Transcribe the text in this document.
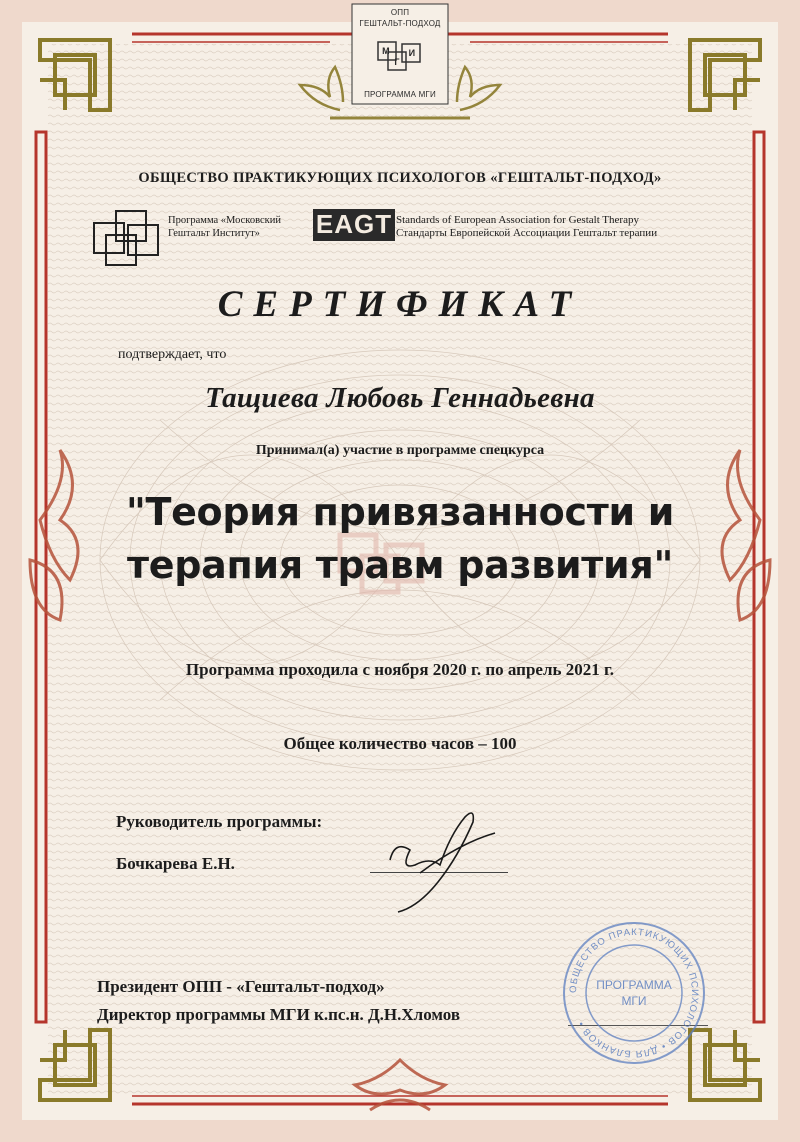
ОПП
ГЕШТАЛЬТ-ПОДХОД
М
Г
И
ПРОГРАММА МГИ
ОБЩЕСТВО ПРАКТИКУЮЩИХ ПСИХОЛОГОВ «ГЕШТАЛЬТ-ПОДХОД»
Программа «Московский
Гештальт Институт»	EAGT Standards of European Association for Gestalt Therapy
Стандарты Европейской Ассоциации Гештальт терапии
СЕРТИФИКАТ
подтверждает, что
Тащиева Любовь Геннадьевна
Принимал(а) участие в программе спецкурса
"Теория привязанности и
терапия травм развития"
Программа проходила с ноября 2020 г. по апрель 2021 г.
Общее количество часов – 100
Руководитель программы:
Бочкарева Е.Н.
Президент ОПП - «Гештальт-подход»
Директор программы МГИ к.пс.н. Д.Н.Хломов
ОБЩЕСТВО ПРАКТИКУЮЩИХ ПСИХОЛОГОВ • ДЛЯ БЛАНКОВ •
ПРОГРАММА
МГИ
